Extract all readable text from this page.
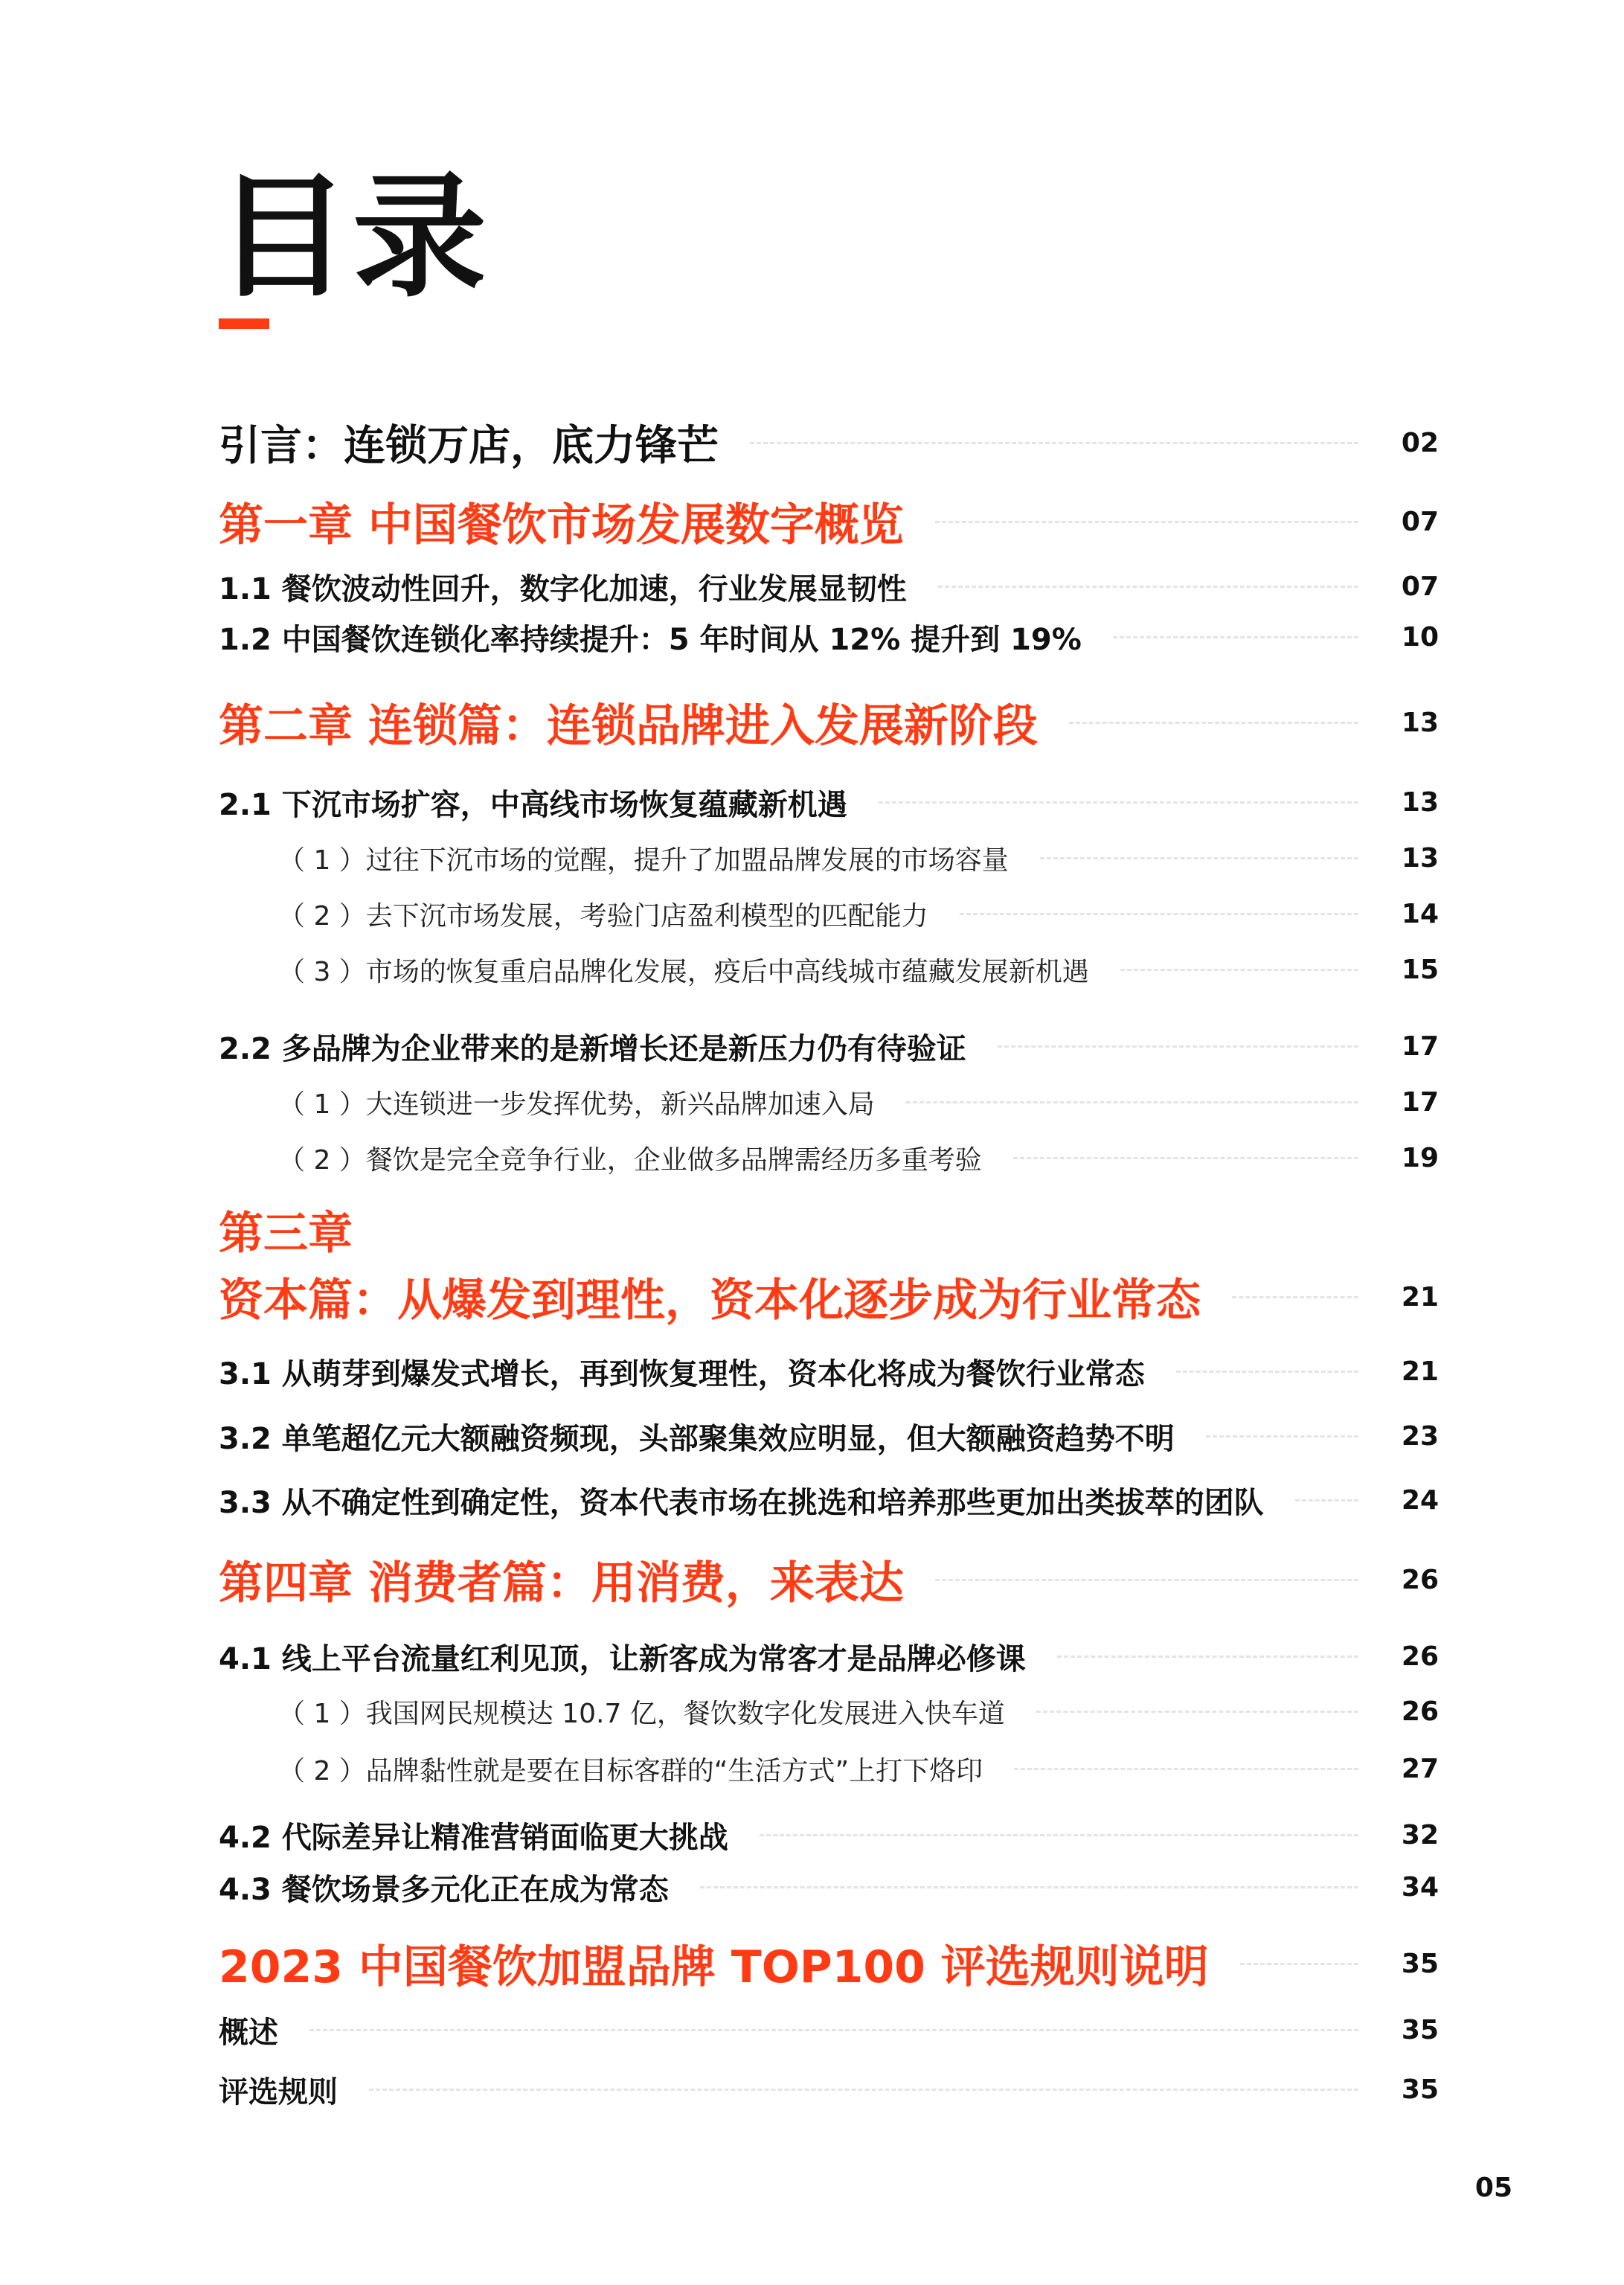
目录
引言：连锁万店，底力锋芒	02
第一章 中国餐饮市场发展数字概览	07
1.1 餐饮波动性回升，数字化加速，行业发展显韧性	07
1.2 中国餐饮连锁化率持续提升：5 年时间从 12% 提升到 19%	10
第二章 连锁篇：连锁品牌进入发展新阶段	13
2.1 下沉市场扩容，中高线市场恢复蕴藏新机遇	13
（ 1 ）过往下沉市场的觉醒，提升了加盟品牌发展的市场容量	13
（ 2 ）去下沉市场发展，考验门店盈利模型的匹配能力	14
（ 3 ）市场的恢复重启品牌化发展，疫后中高线城市蕴藏发展新机遇	15
2.2 多品牌为企业带来的是新增长还是新压力仍有待验证	17
（ 1 ）大连锁进一步发挥优势，新兴品牌加速入局	17
（ 2 ）餐饮是完全竞争行业，企业做多品牌需经历多重考验	19
第三章
资本篇：从爆发到理性，资本化逐步成为行业常态	21
3.1 从萌芽到爆发式增长，再到恢复理性，资本化将成为餐饮行业常态	21
3.2 单笔超亿元大额融资频现，头部聚集效应明显，但大额融资趋势不明	23
3.3 从不确定性到确定性，资本代表市场在挑选和培养那些更加出类拔萃的团队	24
第四章 消费者篇：用消费，来表达	26
4.1 线上平台流量红利见顶，让新客成为常客才是品牌必修课	26
（ 1 ）我国网民规模达 10.7 亿，餐饮数字化发展进入快车道	26
（ 2 ）品牌黏性就是要在目标客群的“生活方式”上打下烙印	27
4.2 代际差异让精准营销面临更大挑战	32
4.3 餐饮场景多元化正在成为常态	34
2023 中国餐饮加盟品牌 TOP100 评选规则说明	35
概述	35
评选规则	35
05
